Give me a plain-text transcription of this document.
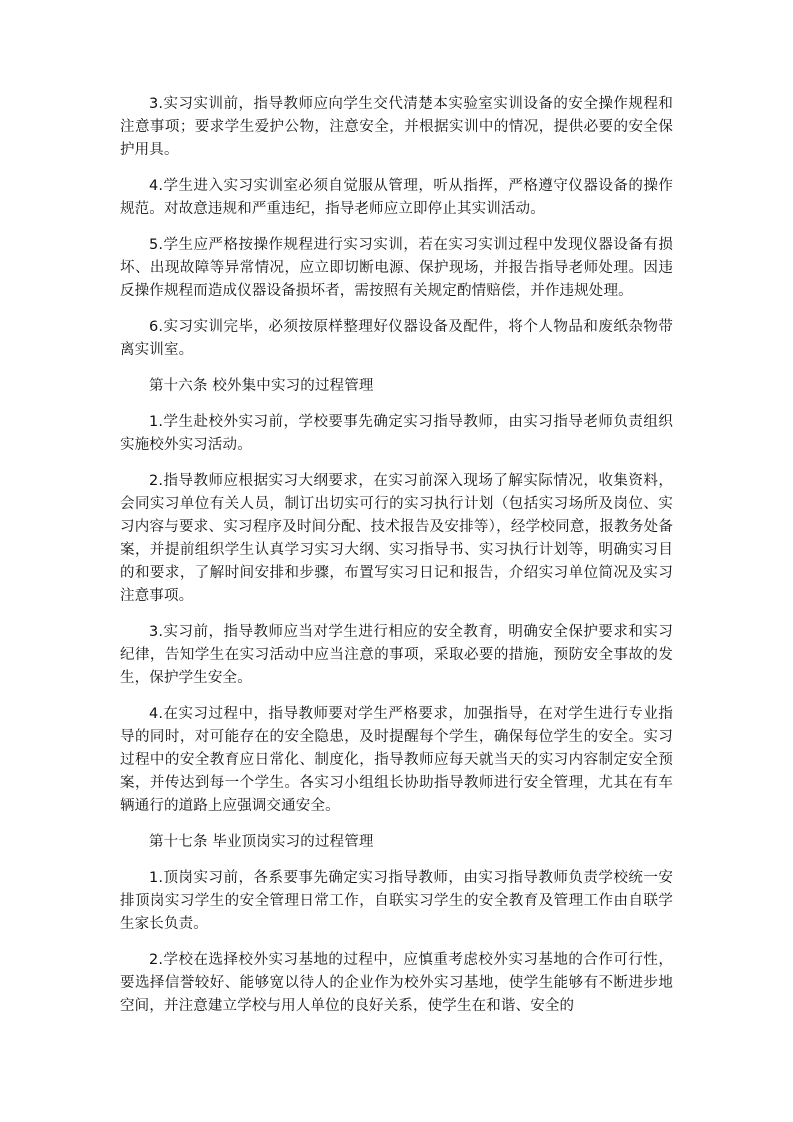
3.实习实训前，指导教师应向学生交代清楚本实验室实训设备的安全操作规程和注意事项；要求学生爱护公物，注意安全，并根据实训中的情况，提供必要的安全保护用具。

4.学生进入实习实训室必须自觉服从管理，听从指挥，严格遵守仪器设备的操作规范。对故意违规和严重违纪，指导老师应立即停止其实训活动。

5.学生应严格按操作规程进行实习实训，若在实习实训过程中发现仪器设备有损坏、出现故障等异常情况，应立即切断电源、保护现场，并报告指导老师处理。因违反操作规程而造成仪器设备损坏者，需按照有关规定酌情赔偿，并作违规处理。

6.实习实训完毕，必须按原样整理好仪器设备及配件，将个人物品和废纸杂物带离实训室。

第十六条 校外集中实习的过程管理

1.学生赴校外实习前，学校要事先确定实习指导教师，由实习指导老师负责组织实施校外实习活动。

2.指导教师应根据实习大纲要求，在实习前深入现场了解实际情况，收集资料，会同实习单位有关人员，制订出切实可行的实习执行计划（包括实习场所及岗位、实习内容与要求、实习程序及时间分配、技术报告及安排等），经学校同意，报教务处备案，并提前组织学生认真学习实习大纲、实习指导书、实习执行计划等，明确实习目的和要求，了解时间安排和步骤，布置写实习日记和报告，介绍实习单位简况及实习注意事项。

3.实习前，指导教师应当对学生进行相应的安全教育，明确安全保护要求和实习纪律，告知学生在实习活动中应当注意的事项，采取必要的措施，预防安全事故的发生，保护学生安全。

4.在实习过程中，指导教师要对学生严格要求，加强指导，在对学生进行专业指导的同时，对可能存在的安全隐患，及时提醒每个学生，确保每位学生的安全。实习过程中的安全教育应日常化、制度化，指导教师应每天就当天的实习内容制定安全预案，并传达到每一个学生。各实习小组组长协助指导教师进行安全管理，尤其在有车辆通行的道路上应强调交通安全。

第十七条 毕业顶岗实习的过程管理

1.顶岗实习前，各系要事先确定实习指导教师，由实习指导教师负责学校统一安排顶岗实习学生的安全管理日常工作，自联实习学生的安全教育及管理工作由自联学生家长负责。

2.学校在选择校外实习基地的过程中，应慎重考虑校外实习基地的合作可行性，要选择信誉较好、能够宽以待人的企业作为校外实习基地，使学生能够有不断进步地空间，并注意建立学校与用人单位的良好关系，使学生在和谐、安全的
